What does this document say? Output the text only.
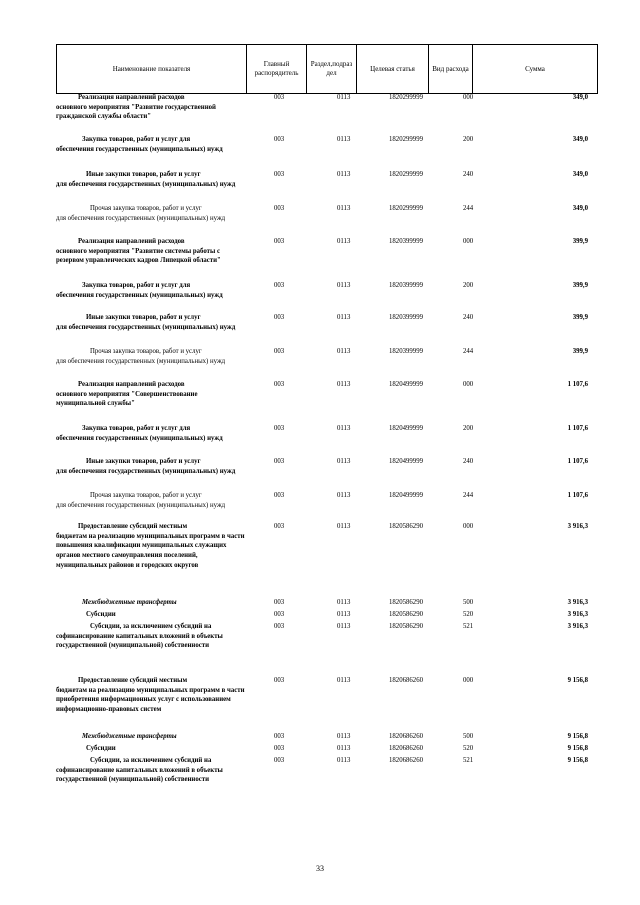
Наименование показателя	Главный распорядитель	Раздел,подраз дел	Целевая статья	Вид расхода	Сумма
Реализация направлений расходов
основного мероприятия "Развитие государственной гражданской службы области"
003	0113	1820299999	000	349,0
Закупка товаров, работ и услуг для
обеспечения государственных (муниципальных) нужд
003	0113	1820299999	200	349,0
Иные закупки товаров, работ и услуг
для обеспечения государственных (муниципальных) нужд
003	0113	1820299999	240	349,0
Прочая закупка товаров, работ и услуг
для обеспечения государственных (муниципальных) нужд
003	0113	1820299999	244	349,0
Реализация направлений расходов
основного мероприятия "Развитие системы работы с резервом управленческих кадров Липецкой области"
003	0113	1820399999	000	399,9
Закупка товаров, работ и услуг для
обеспечения государственных (муниципальных) нужд
003	0113	1820399999	200	399,9
Иные закупки товаров, работ и услуг
для обеспечения государственных (муниципальных) нужд
003	0113	1820399999	240	399,9
Прочая закупка товаров, работ и услуг
для обеспечения государственных (муниципальных) нужд
003	0113	1820399999	244	399,9
Реализация направлений расходов
основного мероприятия "Совершенствование муниципальной службы"
003	0113	1820499999	000	1 107,6
Закупка товаров, работ и услуг для
обеспечения государственных (муниципальных) нужд
003	0113	1820499999	200	1 107,6
Иные закупки товаров, работ и услуг
для обеспечения государственных (муниципальных) нужд
003	0113	1820499999	240	1 107,6
Прочая закупка товаров, работ и услуг
для обеспечения государственных (муниципальных) нужд
003	0113	1820499999	244	1 107,6
Предоставление субсидий местным
бюджетам на реализацию муниципальных программ в части повышения квалификации муниципальных служащих органов местного самоуправления поселений, муниципальных районов и городских округов
003	0113	1820586290	000	3 916,3
Межбюджетные трансферты	003	0113	1820586290	500	3 916,3
Субсидии	003	0113	1820586290	520	3 916,3
Субсидии, за исключением субсидий на
софинансирование капитальных вложений в объекты государственной (муниципальной) собственности
003	0113	1820586290	521	3 916,3
Предоставление субсидий местным
бюджетам на реализацию муниципальных программ в части приобретения информационных услуг с использованием информационно-правовых систем
003	0113	1820686260	000	9 156,8
Межбюджетные трансферты	003	0113	1820686260	500	9 156,8
Субсидии	003	0113	1820686260	520	9 156,8
Субсидии, за исключением субсидий на
софинансирование капитальных вложений в объекты государственной (муниципальной) собственности
003	0113	1820686260	521	9 156,8
33
